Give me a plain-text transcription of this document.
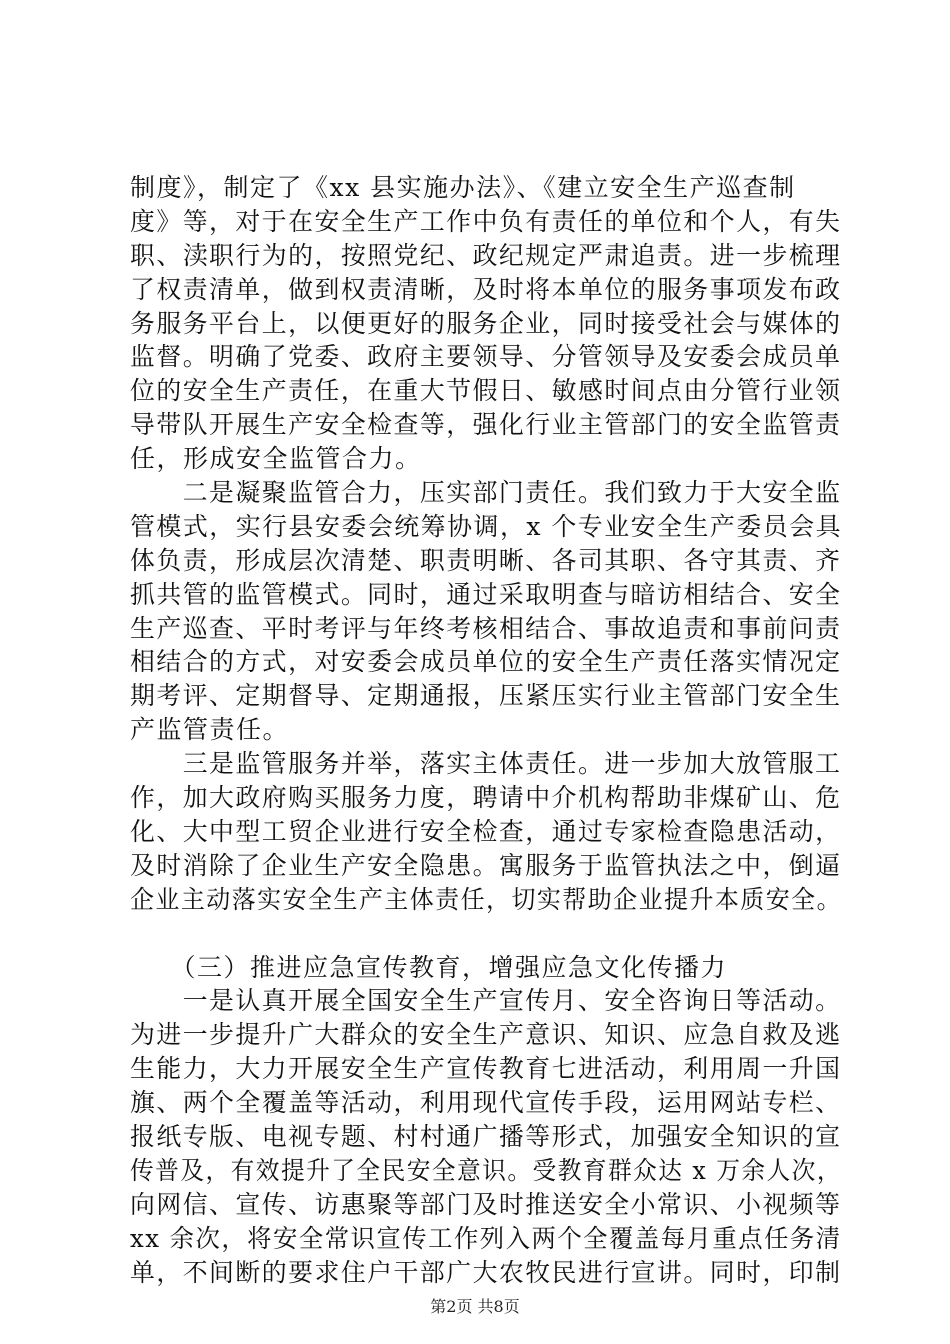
制度》，制定了《xx 县实施办法》、《建立安全生产巡查制
度》等，对于在安全生产工作中负有责任的单位和个人，有失
职、渎职行为的，按照党纪、政纪规定严肃追责。进一步梳理
了权责清单，做到权责清晰，及时将本单位的服务事项发布政
务服务平台上，以便更好的服务企业，同时接受社会与媒体的
监督。明确了党委、政府主要领导、分管领导及安委会成员单
位的安全生产责任，在重大节假日、敏感时间点由分管行业领
导带队开展生产安全检查等，强化行业主管部门的安全监管责
任，形成安全监管合力。
　　二是凝聚监管合力，压实部门责任。我们致力于大安全监
管模式，实行县安委会统筹协调，x 个专业安全生产委员会具
体负责，形成层次清楚、职责明晰、各司其职、各守其责、齐
抓共管的监管模式。同时，通过采取明查与暗访相结合、安全
生产巡查、平时考评与年终考核相结合、事故追责和事前问责
相结合的方式，对安委会成员单位的安全生产责任落实情况定
期考评、定期督导、定期通报，压紧压实行业主管部门安全生
产监管责任。
　　三是监管服务并举，落实主体责任。进一步加大放管服工
作，加大政府购买服务力度，聘请中介机构帮助非煤矿山、危
化、大中型工贸企业进行安全检查，通过专家检查隐患活动，
及时消除了企业生产安全隐患。寓服务于监管执法之中，倒逼
企业主动落实安全生产主体责任，切实帮助企业提升本质安全。
　　（三）推进应急宣传教育，增强应急文化传播力
　　一是认真开展全国安全生产宣传月、安全咨询日等活动。
为进一步提升广大群众的安全生产意识、知识、应急自救及逃
生能力，大力开展安全生产宣传教育七进活动，利用周一升国
旗、两个全覆盖等活动，利用现代宣传手段，运用网站专栏、
报纸专版、电视专题、村村通广播等形式，加强安全知识的宣
传普及，有效提升了全民安全意识。受教育群众达 x 万余人次，
向网信、宣传、访惠聚等部门及时推送安全小常识、小视频等
xx 余次，将安全常识宣传工作列入两个全覆盖每月重点任务清
单，不间断的要求住户干部广大农牧民进行宣讲。同时，印制
第2页 共8页
